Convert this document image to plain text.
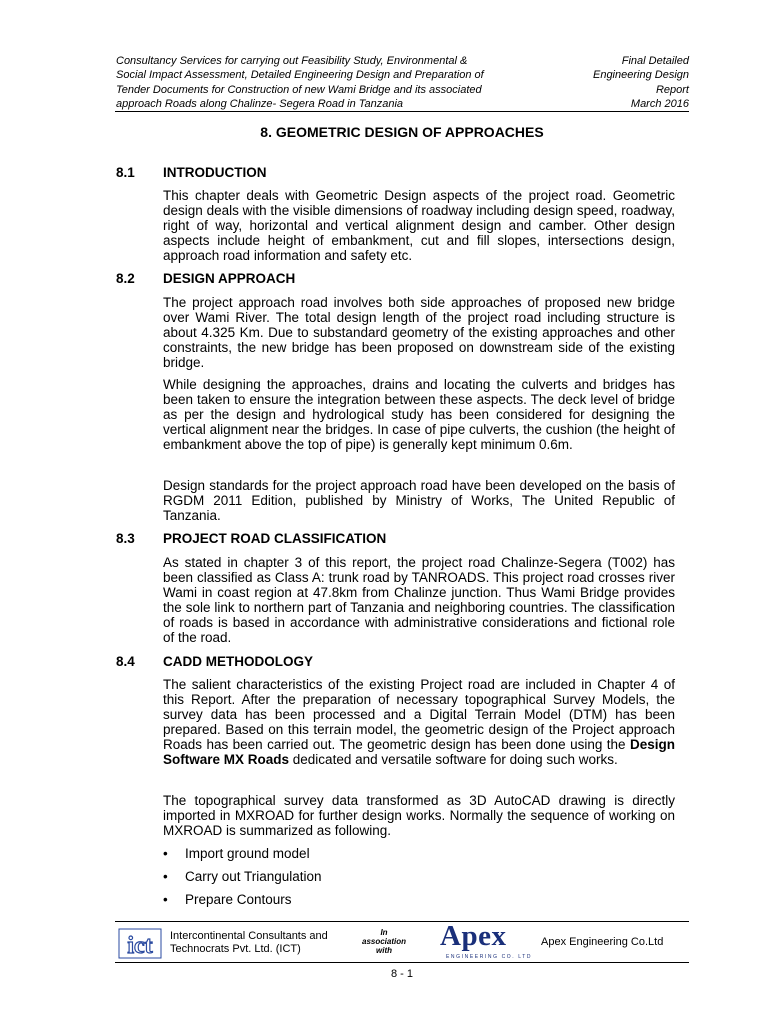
Consultancy Services for carrying out Feasibility Study, Environmental &
Social Impact Assessment, Detailed Engineering Design and Preparation of
Tender Documents for Construction of new Wami Bridge and its associated
approach Roads along Chalinze- Segera Road in Tanzania
Final Detailed
Engineering Design
Report
March 2016
8. GEOMETRIC DESIGN OF APPROACHES
8.1 INTRODUCTION

This chapter deals with Geometric Design aspects of the project road. Geometric design deals with the visible dimensions of roadway including design speed, roadway, right of way, horizontal and vertical alignment design and camber. Other design aspects include height of embankment, cut and fill slopes, intersections design, approach road information and safety etc.

8.2 DESIGN APPROACH

The project approach road involves both side approaches of proposed new bridge over Wami River. The total design length of the project road including structure is about 4.325 Km. Due to substandard geometry of the existing approaches and other constraints, the new bridge has been proposed on downstream side of the existing bridge.

While designing the approaches, drains and locating the culverts and bridges has been taken to ensure the integration between these aspects. The deck level of bridge as per the design and hydrological study has been considered for designing the vertical alignment near the bridges. In case of pipe culverts, the cushion (the height of embankment above the top of pipe) is generally kept minimum 0.6m.

Design standards for the project approach road have been developed on the basis of RGDM 2011 Edition, published by Ministry of Works, The United Republic of Tanzania.

8.3 PROJECT ROAD CLASSIFICATION

As stated in chapter 3 of this report, the project road Chalinze-Segera (T002) has been classified as Class A: trunk road by TANROADS. This project road crosses river Wami in coast region at 47.8km from Chalinze junction. Thus Wami Bridge provides the sole link to northern part of Tanzania and neighboring countries. The classification of roads is based in accordance with administrative considerations and fictional role of the road.

8.4 CADD METHODOLOGY

The salient characteristics of the existing Project road are included in Chapter 4 of this Report. After the preparation of necessary topographical Survey Models, the survey data has been processed and a Digital Terrain Model (DTM) has been prepared. Based on this terrain model, the geometric design of the Project approach Roads has been carried out. The geometric design has been done using the Design Software MX Roads dedicated and versatile software for doing such works.

The topographical survey data transformed as 3D AutoCAD drawing is directly imported in MXROAD for further design works. Normally the sequence of working on MXROAD is summarized as following.

• Import ground model
• Carry out Triangulation
• Prepare Contours
ict Intercontinental Consultants and
Technocrats Pvt. Ltd. (ICT)
In
association
with	Apex
ENGINEERING CO. LTD
Apex Engineering Co.Ltd
8 - 1
